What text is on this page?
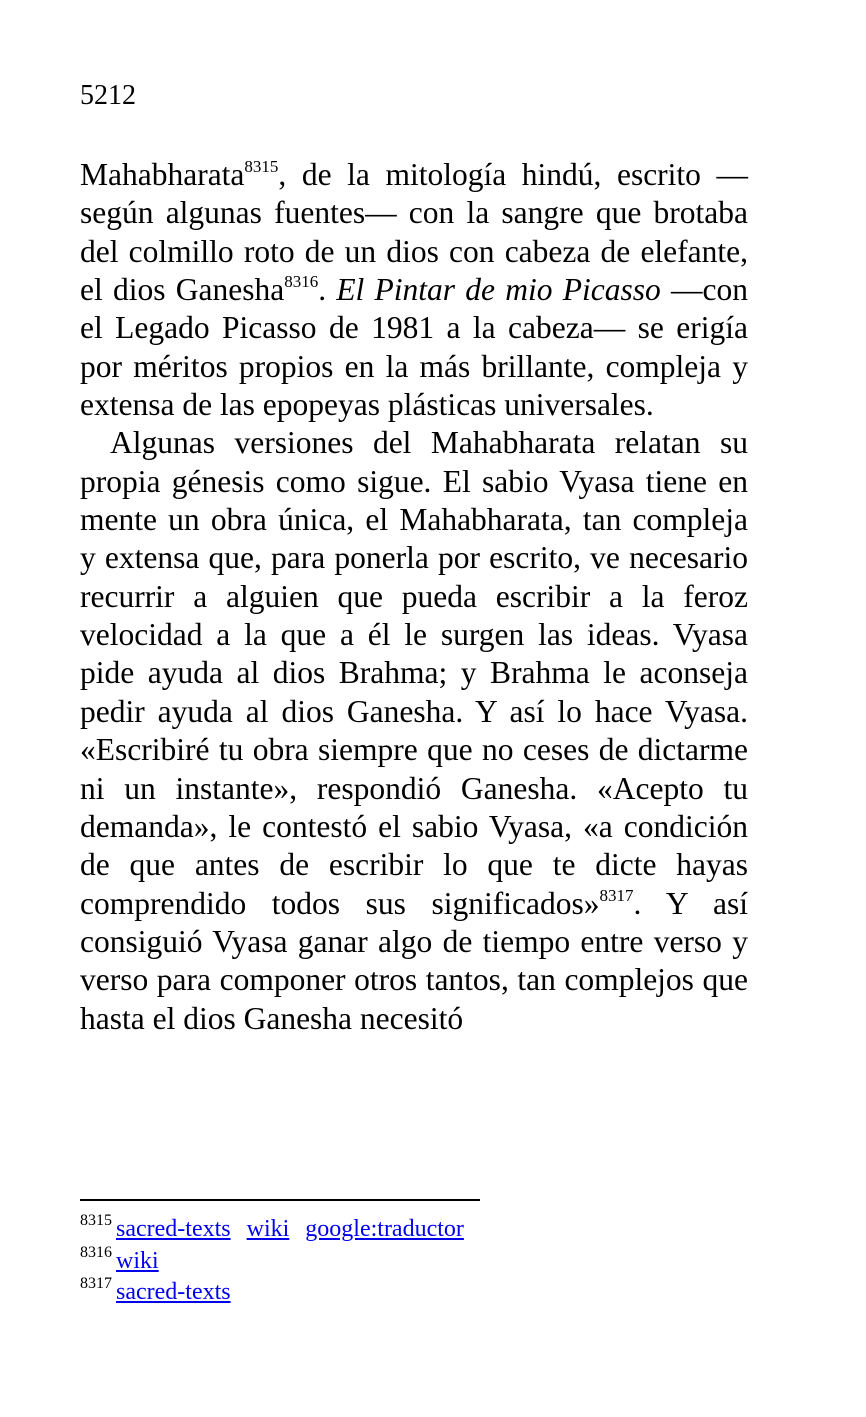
5212

Mahabharata$^{8315}$, de la mitología hindú, escrito —según algunas fuentes— con la sangre que brotaba del colmillo roto de un dios con cabeza de elefante, el dios Ganesha$^{8316}$. El Pintar de mio Picasso —con el Legado Picasso de 1981 a la cabeza— se erigía por méritos propios en la más brillante, compleja y extensa de las epopeyas plásticas universales.

Algunas versiones del Mahabharata relatan su propia génesis como sigue. El sabio Vyasa tiene en mente un obra única, el Mahabharata, tan compleja y extensa que, para ponerla por escrito, ve necesario recurrir a alguien que pueda escribir a la feroz velocidad a la que a él le surgen las ideas. Vyasa pide ayuda al dios Brahma; y Brahma le aconseja pedir ayuda al dios Ganesha. Y así lo hace Vyasa. «Escribiré tu obra siempre que no ceses de dictarme ni un instante», respondió Ganesha. «Acepto tu demanda», le contestó el sabio Vyasa, «a condición de que antes de escribir lo que te dicte hayas comprendido todos sus significados»$^{8317}$. Y así consiguió Vyasa ganar algo de tiempo entre verso y verso para componer otros tantos, tan complejos que hasta el dios Ganesha necesitó

$^{8315}$ sacred-texts wiki google:traductor
$^{8316}$ wiki
$^{8317}$ sacred-texts
